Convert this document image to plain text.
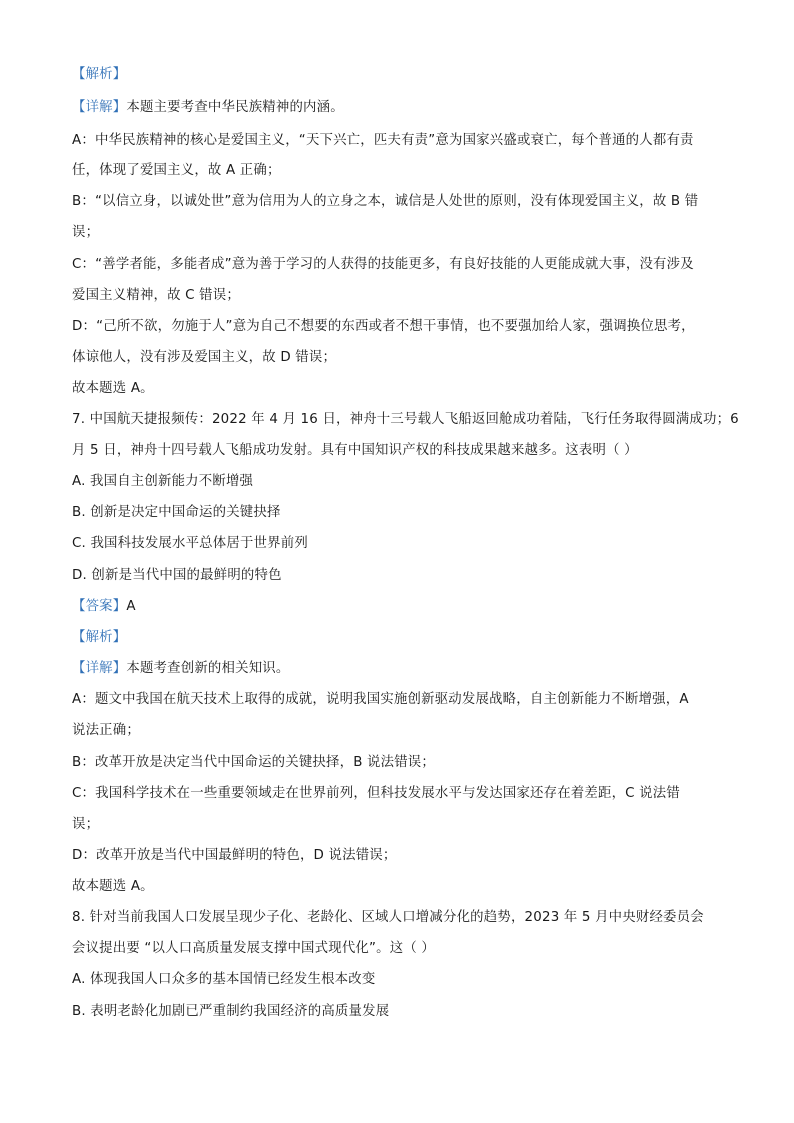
【解析】
【详解】本题主要考查中华民族精神的内涵。
A：中华民族精神的核心是爱国主义，“天下兴亡，匹夫有责”意为国家兴盛或衰亡，每个普通的人都有责
任，体现了爱国主义，故 A 正确；
B：“以信立身，以诚处世”意为信用为人的立身之本，诚信是人处世的原则，没有体现爱国主义，故 B 错
误；
C：“善学者能，多能者成”意为善于学习的人获得的技能更多，有良好技能的人更能成就大事，没有涉及
爱国主义精神，故 C 错误；
D：“己所不欲，勿施于人”意为自己不想要的东西或者不想干事情，也不要强加给人家，强调换位思考，
体谅他人，没有涉及爱国主义，故 D 错误；
故本题选 A。
7. 中国航天捷报频传：2022 年 4 月 16 日，神舟十三号载人飞船返回舱成功着陆，飞行任务取得圆满成功；6
月 5 日，神舟十四号载人飞船成功发射。具有中国知识产权的科技成果越来越多。这表明（ ）
A. 我国自主创新能力不断增强
B. 创新是决定中国命运的关键抉择
C. 我国科技发展水平总体居于世界前列
D. 创新是当代中国的最鲜明的特色
【答案】A
【解析】
【详解】本题考查创新的相关知识。
A：题文中我国在航天技术上取得的成就，说明我国实施创新驱动发展战略，自主创新能力不断增强，A
说法正确；
B：改革开放是决定当代中国命运的关键抉择，B 说法错误；
C：我国科学技术在一些重要领域走在世界前列，但科技发展水平与发达国家还存在着差距，C 说法错
误；
D：改革开放是当代中国最鲜明的特色，D 说法错误；
故本题选 A。
8. 针对当前我国人口发展呈现少子化、老龄化、区域人口增减分化的趋势，2023 年 5 月中央财经委员会
会议提出要 “以人口高质量发展支撑中国式现代化”。这（ ）
A. 体现我国人口众多的基本国情已经发生根本改变
B. 表明老龄化加剧已严重制约我国经济的高质量发展
